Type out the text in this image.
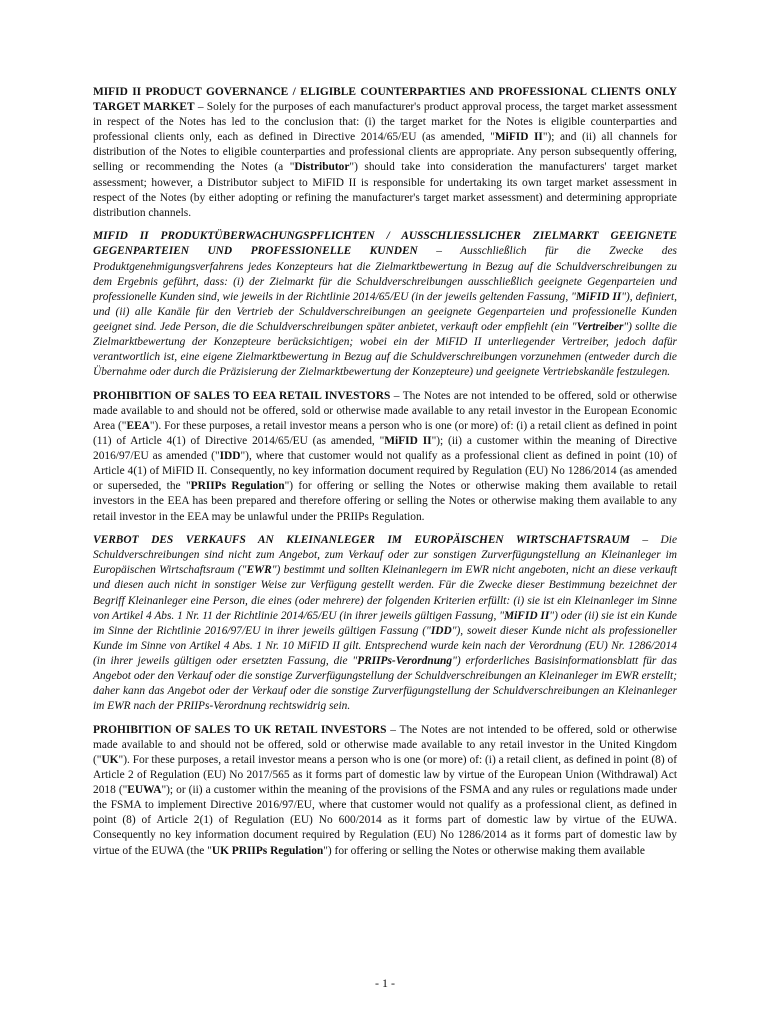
MIFID II PRODUCT GOVERNANCE / ELIGIBLE COUNTERPARTIES AND PROFESSIONAL CLIENTS ONLY TARGET MARKET – Solely for the purposes of each manufacturer's product approval process, the target market assessment in respect of the Notes has led to the conclusion that: (i) the target market for the Notes is eligible counterparties and professional clients only, each as defined in Directive 2014/65/EU (as amended, "MiFID II"); and (ii) all channels for distribution of the Notes to eligible counterparties and professional clients are appropriate. Any person subsequently offering, selling or recommending the Notes (a "Distributor") should take into consideration the manufacturers' target market assessment; however, a Distributor subject to MiFID II is responsible for undertaking its own target market assessment in respect of the Notes (by either adopting or refining the manufacturer's target market assessment) and determining appropriate distribution channels.

MIFID II PRODUKTÜBERWACHUNGSPFLICHTEN / AUSSCHLIESSLICHER ZIELMARKT GEEIGNETE GEGENPARTEIEN UND PROFESSIONELLE KUNDEN – Ausschließlich für die Zwecke des Produktgenehmigungsverfahrens jedes Konzepteurs hat die Zielmarktbewertung in Bezug auf die Schuldverschreibungen zu dem Ergebnis geführt, dass: (i) der Zielmarkt für die Schuldverschreibungen ausschließlich geeignete Gegenparteien und professionelle Kunden sind, wie jeweils in der Richtlinie 2014/65/EU (in der jeweils geltenden Fassung, "MiFID II"), definiert, und (ii) alle Kanäle für den Vertrieb der Schuldverschreibungen an geeignete Gegenparteien und professionelle Kunden geeignet sind. Jede Person, die die Schuldverschreibungen später anbietet, verkauft oder empfiehlt (ein "Vertreiber") sollte die Zielmarktbewertung der Konzepteure berücksichtigen; wobei ein der MiFID II unterliegender Vertreiber, jedoch dafür verantwortlich ist, eine eigene Zielmarktbewertung in Bezug auf die Schuldverschreibungen vorzunehmen (entweder durch die Übernahme oder durch die Präzisierung der Zielmarktbewertung der Konzepteure) und geeignete Vertriebskanäle festzulegen.

PROHIBITION OF SALES TO EEA RETAIL INVESTORS – The Notes are not intended to be offered, sold or otherwise made available to and should not be offered, sold or otherwise made available to any retail investor in the European Economic Area ("EEA"). For these purposes, a retail investor means a person who is one (or more) of: (i) a retail client as defined in point (11) of Article 4(1) of Directive 2014/65/EU (as amended, "MiFID II"); (ii) a customer within the meaning of Directive 2016/97/EU as amended ("IDD"), where that customer would not qualify as a professional client as defined in point (10) of Article 4(1) of MiFID II. Consequently, no key information document required by Regulation (EU) No 1286/2014 (as amended or superseded, the "PRIIPs Regulation") for offering or selling the Notes or otherwise making them available to retail investors in the EEA has been prepared and therefore offering or selling the Notes or otherwise making them available to any retail investor in the EEA may be unlawful under the PRIIPs Regulation.

VERBOT DES VERKAUFS AN KLEINANLEGER IM EUROPÄISCHEN WIRTSCHAFTSRAUM – Die Schuldverschreibungen sind nicht zum Angebot, zum Verkauf oder zur sonstigen Zurverfügungstellung an Kleinanleger im Europäischen Wirtschaftsraum ("EWR") bestimmt und sollten Kleinanlegern im EWR nicht angeboten, nicht an diese verkauft und diesen auch nicht in sonstiger Weise zur Verfügung gestellt werden. Für die Zwecke dieser Bestimmung bezeichnet der Begriff Kleinanleger eine Person, die eines (oder mehrere) der folgenden Kriterien erfüllt: (i) sie ist ein Kleinanleger im Sinne von Artikel 4 Abs. 1 Nr. 11 der Richtlinie 2014/65/EU (in ihrer jeweils gültigen Fassung, "MiFID II") oder (ii) sie ist ein Kunde im Sinne der Richtlinie 2016/97/EU in ihrer jeweils gültigen Fassung ("IDD"), soweit dieser Kunde nicht als professioneller Kunde im Sinne von Artikel 4 Abs. 1 Nr. 10 MiFID II gilt. Entsprechend wurde kein nach der Verordnung (EU) Nr. 1286/2014 (in ihrer jeweils gültigen oder ersetzten Fassung, die "PRIIPs-Verordnung") erforderliches Basisinformationsblatt für das Angebot oder den Verkauf oder die sonstige Zurverfügungstellung der Schuldverschreibungen an Kleinanleger im EWR erstellt; daher kann das Angebot oder der Verkauf oder die sonstige Zurverfügungstellung der Schuldverschreibungen an Kleinanleger im EWR nach der PRIIPs-Verordnung rechtswidrig sein.

PROHIBITION OF SALES TO UK RETAIL INVESTORS – The Notes are not intended to be offered, sold or otherwise made available to and should not be offered, sold or otherwise made available to any retail investor in the United Kingdom ("UK"). For these purposes, a retail investor means a person who is one (or more) of: (i) a retail client, as defined in point (8) of Article 2 of Regulation (EU) No 2017/565 as it forms part of domestic law by virtue of the European Union (Withdrawal) Act 2018 ("EUWA"); or (ii) a customer within the meaning of the provisions of the FSMA and any rules or regulations made under the FSMA to implement Directive 2016/97/EU, where that customer would not qualify as a professional client, as defined in point (8) of Article 2(1) of Regulation (EU) No 600/2014 as it forms part of domestic law by virtue of the EUWA. Consequently no key information document required by Regulation (EU) No 1286/2014 as it forms part of domestic law by virtue of the EUWA (the "UK PRIIPs Regulation") for offering or selling the Notes or otherwise making them available

- 1 -
